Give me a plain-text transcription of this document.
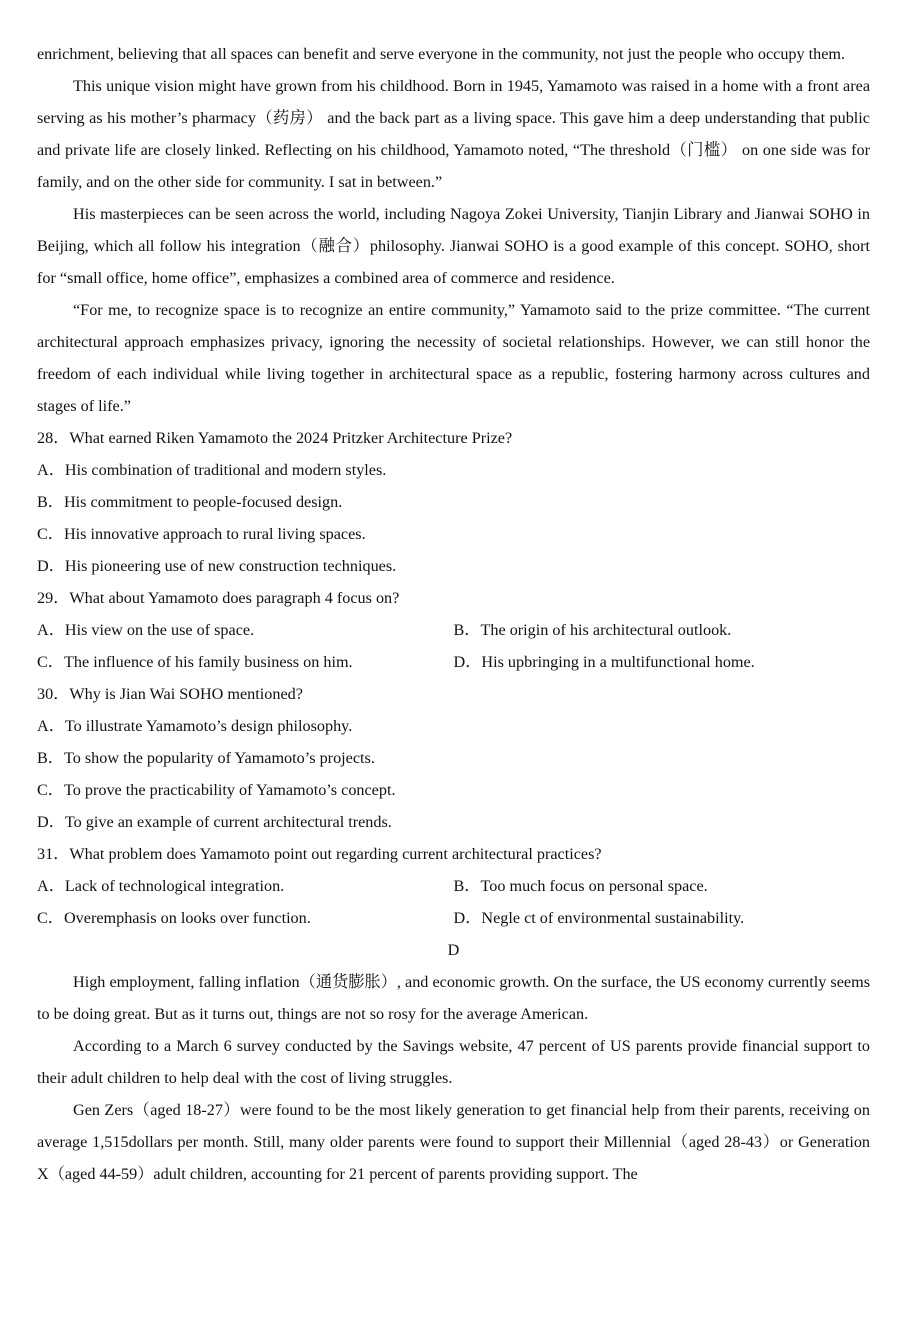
enrichment, believing that all spaces can benefit and serve everyone in the community, not just the people who occupy them.

This unique vision might have grown from his childhood. Born in 1945, Yamamoto was raised in a home with a front area serving as his mother’s pharmacy（药房） and the back part as a living space. This gave him a deep understanding that public and private life are closely linked. Reflecting on his childhood, Yamamoto noted, “The threshold（门槛） on one side was for family, and on the other side for community. I sat in between.”

His masterpieces can be seen across the world, including Nagoya Zokei University, Tianjin Library and Jianwai SOHO in Beijing, which all follow his integration（融合）philosophy. Jianwai SOHO is a good example of this concept. SOHO, short for “small office, home office”, emphasizes a combined area of commerce and residence.

“For me, to recognize space is to recognize an entire community,” Yamamoto said to the prize committee. “The current architectural approach emphasizes privacy, ignoring the necessity of societal relationships. However, we can still honor the freedom of each individual while living together in architectural space as a republic, fostering harmony across cultures and stages of life.”

28．What earned Riken Yamamoto the 2024 Pritzker Architecture Prize?

A．His combination of traditional and modern styles.

B．His commitment to people-focused design.

C．His innovative approach to rural living spaces.

D．His pioneering use of new construction techniques.

29．What about Yamamoto does paragraph 4 focus on?

A．His view on the use of space.	B．The origin of his architectural outlook.
C．The influence of his family business on him.	D．His upbringing in a multifunctional home.

30．Why is Jian Wai SOHO mentioned?

A．To illustrate Yamamoto’s design philosophy.

B．To show the popularity of Yamamoto’s projects.

C．To prove the practicability of Yamamoto’s concept.

D．To give an example of current architectural trends.

31．What problem does Yamamoto point out regarding current architectural practices?

A．Lack of technological integration.	B．Too much focus on personal space.
C．Overemphasis on looks over function.	D．Negle ct of environmental sustainability.

D

High employment, falling inflation（通货膨胀）, and economic growth. On the surface, the US economy currently seems to be doing great. But as it turns out, things are not so rosy for the average American.

According to a March 6 survey conducted by the Savings website, 47 percent of US parents provide financial support to their adult children to help deal with the cost of living struggles.

Gen Zers（aged 18-27）were found to be the most likely generation to get financial help from their parents, receiving on average 1,515dollars per month. Still, many older parents were found to support their Millennial（aged 28-43）or Generation X（aged 44-59）adult children, accounting for 21 percent of parents providing support. The
